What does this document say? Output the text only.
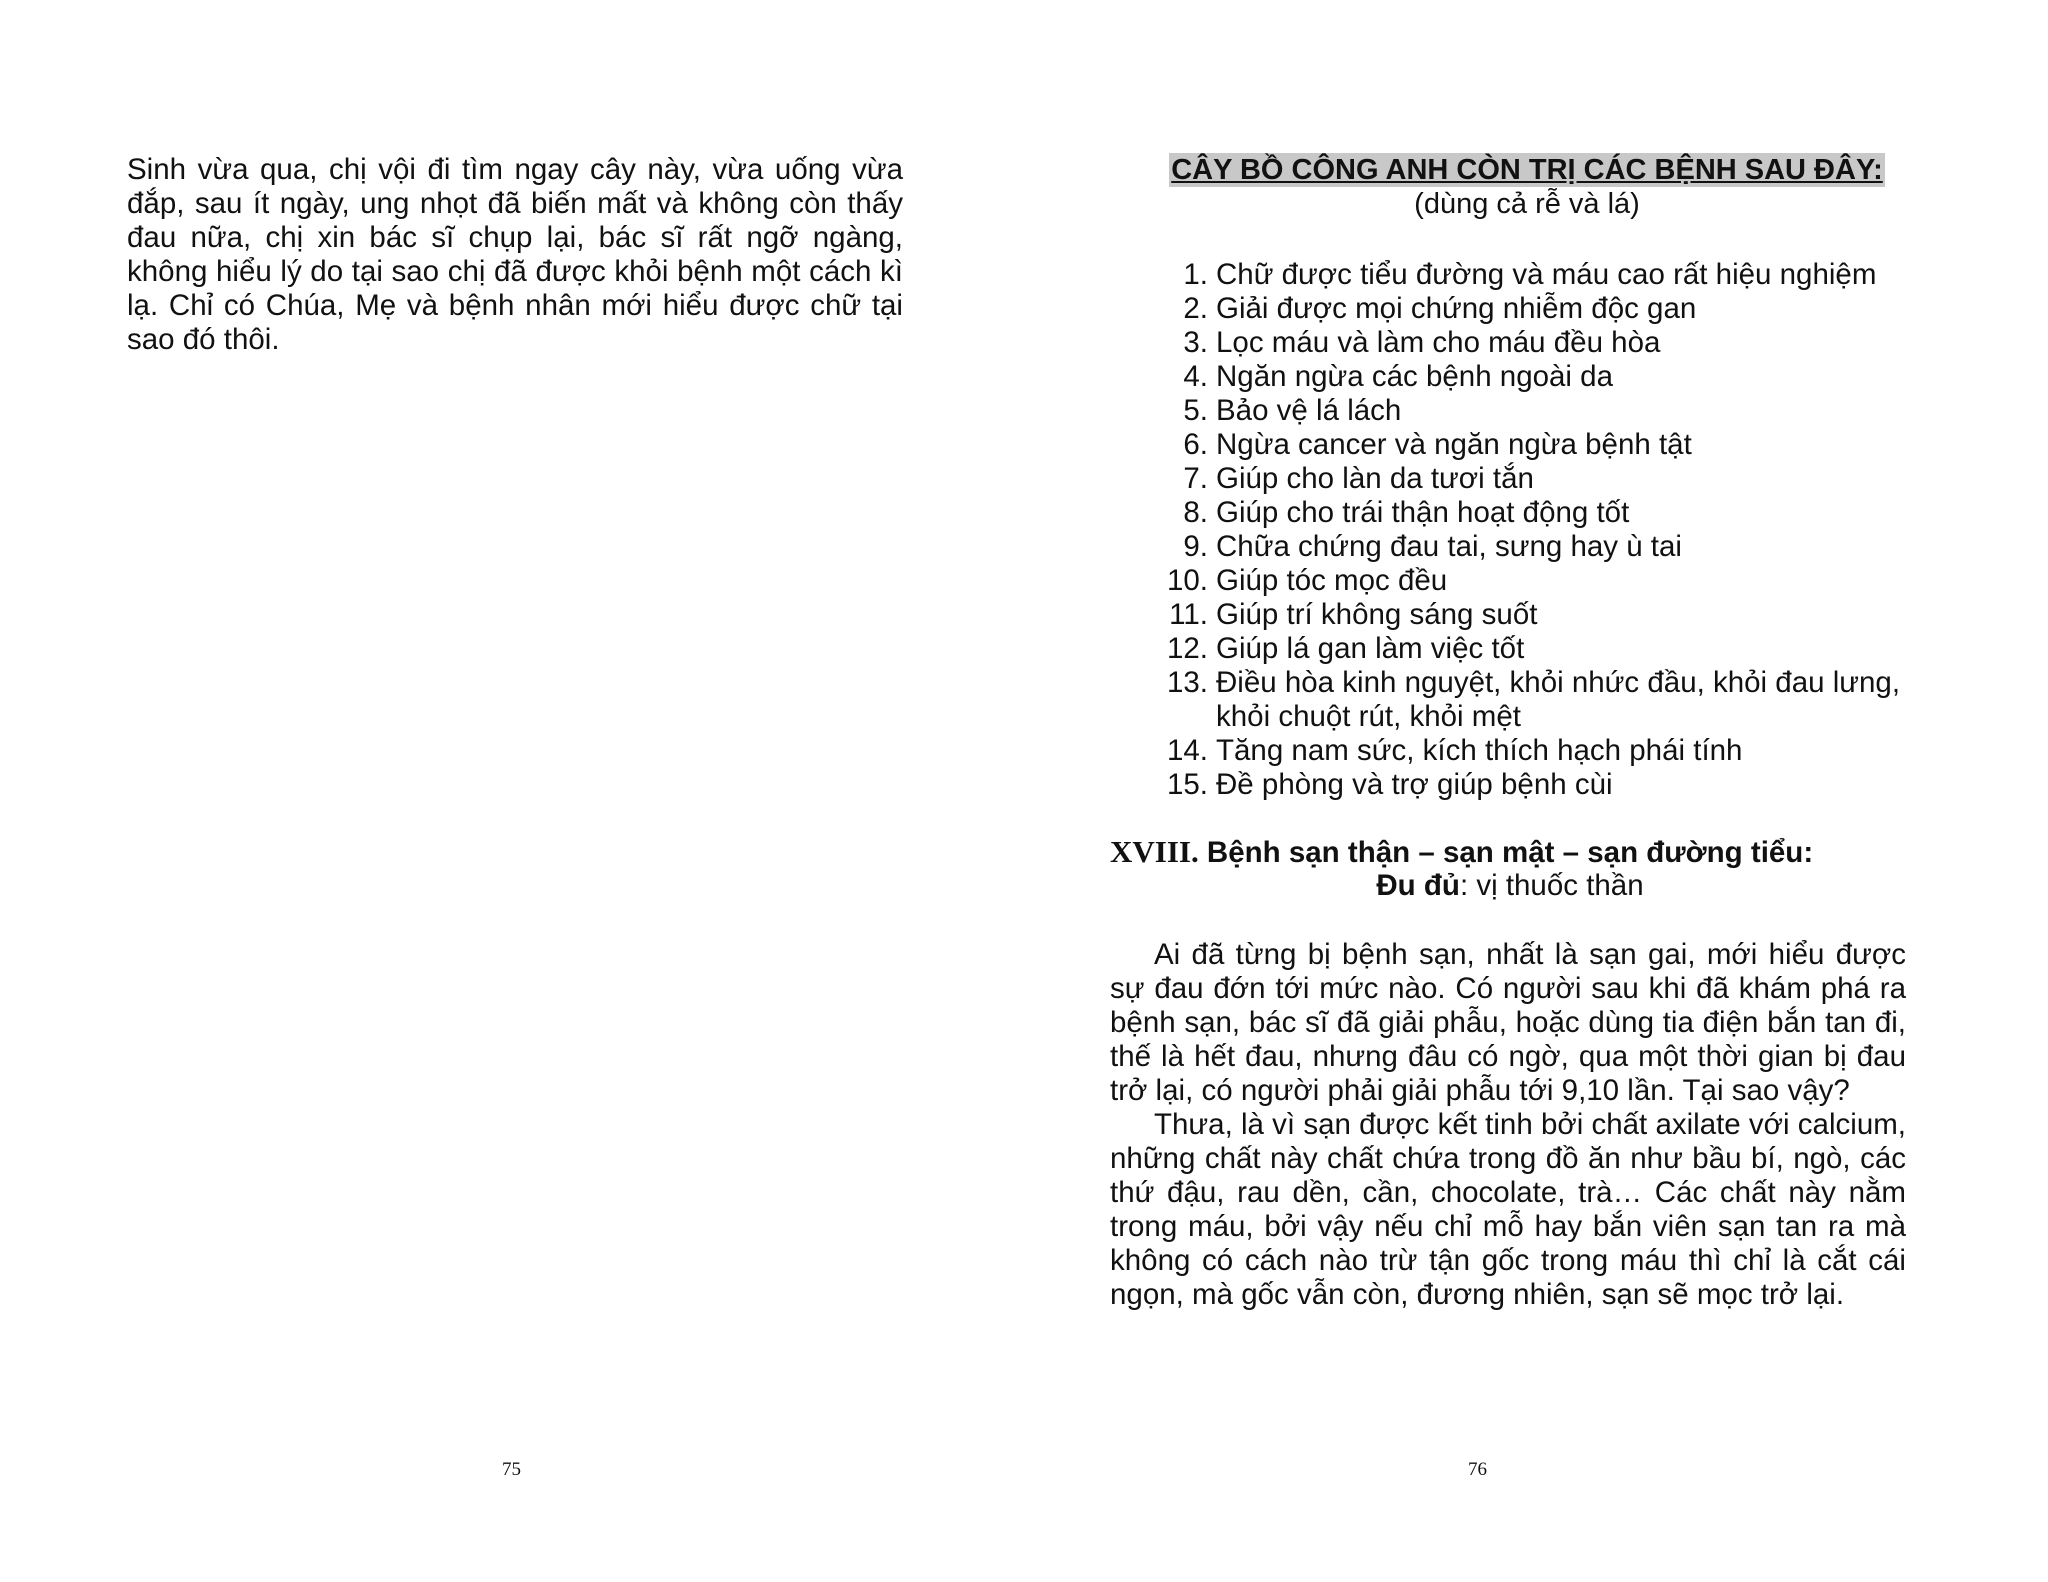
Sinh vừa qua, chị vội đi tìm ngay cây này, vừa uống vừa đắp, sau ít ngày, ung nhọt đã biến mất và không còn thấy đau nữa, chị xin bác sĩ chụp lại, bác sĩ rất ngỡ ngàng, không hiểu lý do tại sao chị đã được khỏi bệnh một cách kì lạ. Chỉ có Chúa, Mẹ và bệnh nhân mới hiểu được chữ tại sao đó thôi.
75
CÂY BỒ CÔNG ANH CÒN TRỊ CÁC BỆNH SAU ĐÂY:
(dùng cả rễ và lá)
1. Chữ được tiểu đường và máu cao rất hiệu nghiệm
2. Giải được mọi chứng nhiễm độc gan
3. Lọc máu và làm cho máu đều hòa
4. Ngăn ngừa các bệnh ngoài da
5. Bảo vệ lá lách
6. Ngừa cancer và ngăn ngừa bệnh tật
7. Giúp cho làn da tươi tắn
8. Giúp cho trái thận hoạt động tốt
9. Chữa chứng đau tai, sưng hay ù tai
10. Giúp tóc mọc đều
11. Giúp trí không sáng suốt
12. Giúp lá gan làm việc tốt
13. Điều hòa kinh nguyệt, khỏi nhức đầu, khỏi đau lưng, khỏi chuột rút, khỏi mệt
14. Tăng nam sức, kích thích hạch phái tính
15. Đề phòng và trợ giúp bệnh cùi
XVIII. Bệnh sạn thận – sạn mật – sạn đường tiểu:
Đu đủ: vị thuốc thần

Ai đã từng bị bệnh sạn, nhất là sạn gai, mới hiểu được sự đau đớn tới mức nào. Có người sau khi đã khám phá ra bệnh sạn, bác sĩ đã giải phẫu, hoặc dùng tia điện bắn tan đi, thế là hết đau, nhưng đâu có ngờ, qua một thời gian bị đau trở lại, có người phải giải phẫu tới 9,10 lần. Tại sao vậy?

Thưa, là vì sạn được kết tinh bởi chất axilate với calcium, những chất này chất chứa trong đồ ăn như bầu bí, ngò, các thứ đậu, rau dền, cần, chocolate, trà… Các chất này nằm trong máu, bởi vậy nếu chỉ mỗ hay bắn viên sạn tan ra mà không có cách nào trừ tận gốc trong máu thì chỉ là cắt cái ngọn, mà gốc vẫn còn, đương nhiên, sạn sẽ mọc trở lại.

76
